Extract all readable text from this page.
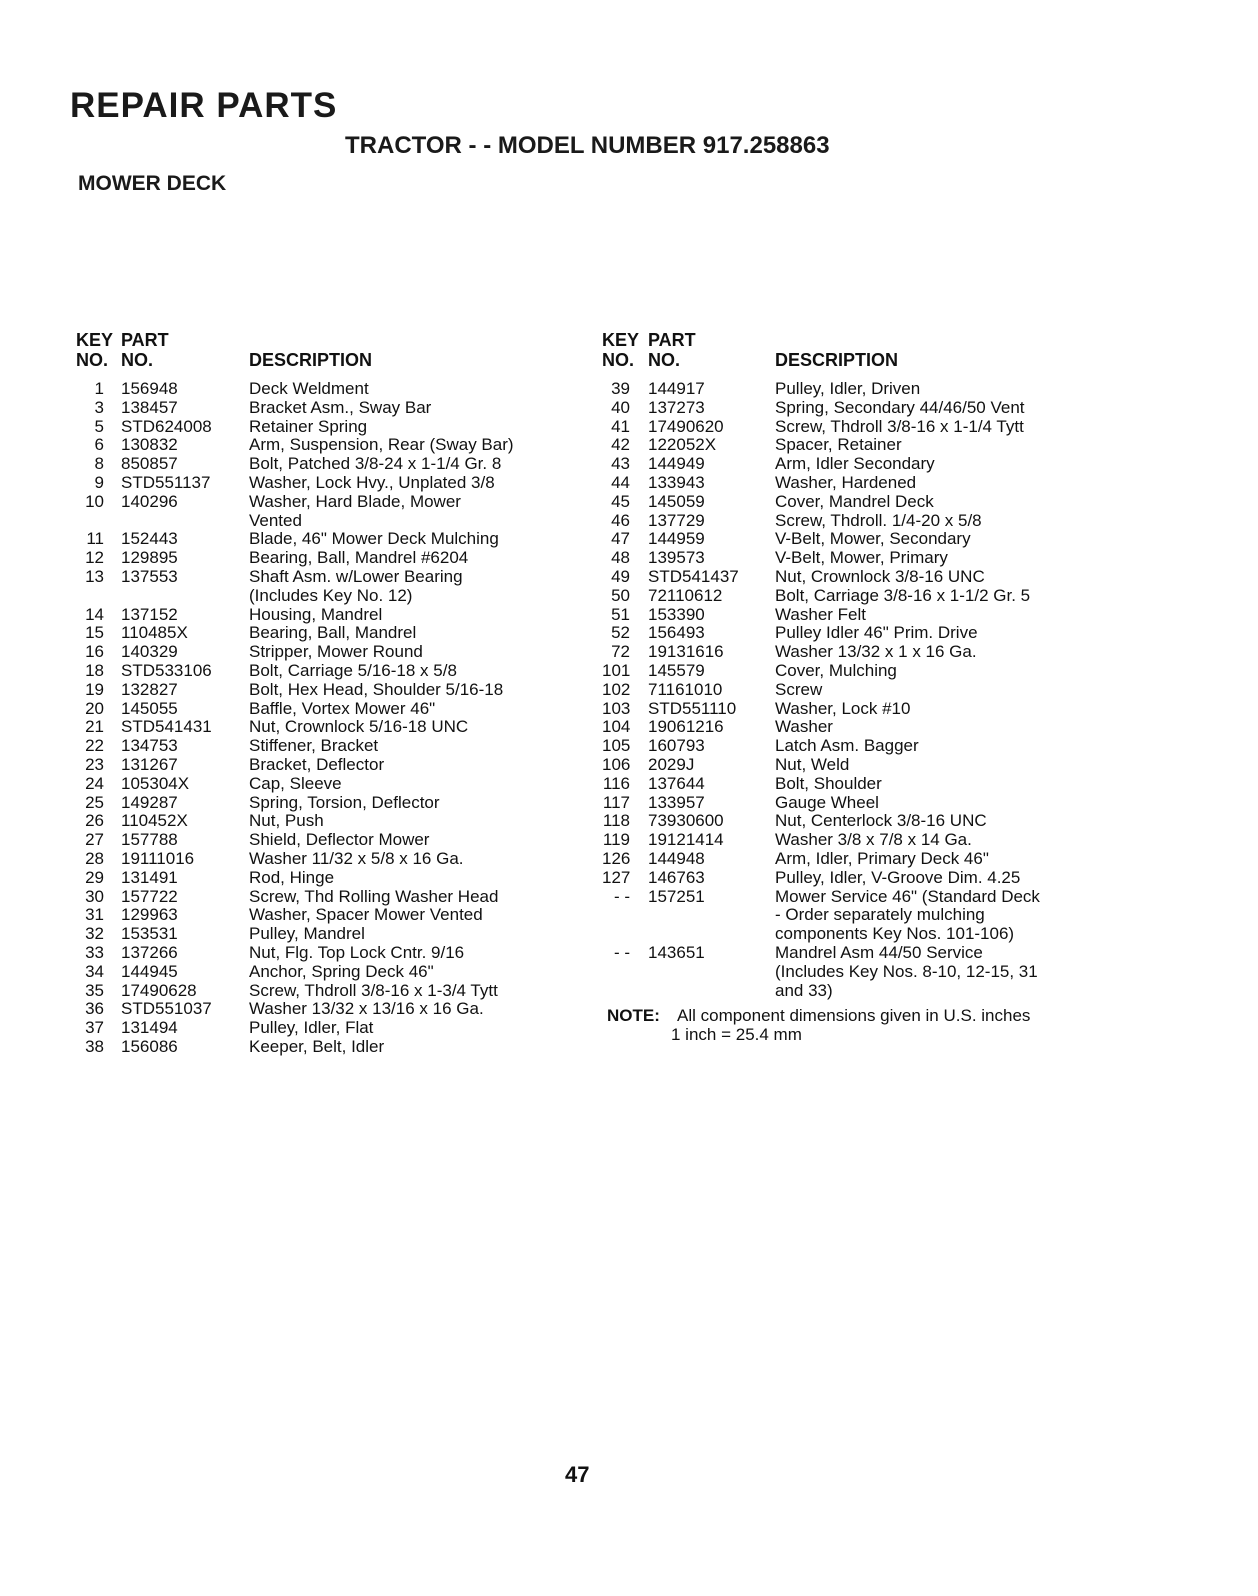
REPAIR PARTS
TRACTOR - - MODEL NUMBER 917.258863
MOWER DECK
KEY
NO.
PART
NO.	DESCRIPTION
1 156948	Deck Weldment
3 138457	Bracket Asm., Sway Bar
5 STD624008 Retainer Spring
6 130832	Arm, Suspension, Rear (Sway Bar)
8 850857	Bolt, Patched 3/8-24 x 1-1/4 Gr. 8
9 STD551137 Washer, Lock Hvy., Unplated 3/8
10 140296	Washer, Hard Blade, Mower
Vented
11 152443	Blade, 46" Mower Deck Mulching
12 129895	Bearing, Ball, Mandrel #6204
13 137553	Shaft Asm. w/Lower Bearing
(Includes Key No. 12)
14 137152	Housing, Mandrel
15 110485X	Bearing, Ball, Mandrel
16 140329	Stripper, Mower Round
18 STD533106 Bolt, Carriage 5/16-18 x 5/8
19 132827	Bolt, Hex Head, Shoulder 5/16-18
20 145055	Baffle, Vortex Mower 46"
21 STD541431 Nut, Crownlock 5/16-18 UNC
22 134753	Stiffener, Bracket
23 131267	Bracket, Deflector
24 105304X	Cap, Sleeve
25 149287	Spring, Torsion, Deflector
26 110452X	Nut, Push
27 157788	Shield, Deflector Mower
28 19111016	Washer 11/32 x 5/8 x 16 Ga.
29 131491	Rod, Hinge
30 157722	Screw, Thd Rolling Washer Head
31 129963	Washer, Spacer Mower Vented
32 153531	Pulley, Mandrel
33 137266	Nut, Flg. Top Lock Cntr. 9/16
34 144945	Anchor, Spring Deck 46"
35 17490628	Screw, Thdroll 3/8-16 x 1-3/4 Tytt
36 STD551037 Washer 13/32 x 13/16 x 16 Ga.
37 131494	Pulley, Idler, Flat
38 156086	Keeper, Belt, Idler
KEY
NO.
PART
NO.	DESCRIPTION
39 144917	Pulley, Idler, Driven
40 137273	Spring, Secondary 44/46/50 Vent
41 17490620	Screw, Thdroll 3/8-16 x 1-1/4 Tytt
42 122052X	Spacer, Retainer
43 144949	Arm, Idler Secondary
44 133943	Washer, Hardened
45 145059	Cover, Mandrel Deck
46 137729	Screw, Thdroll. 1/4-20 x 5/8
47 144959	V-Belt, Mower, Secondary
48 139573	V-Belt, Mower, Primary
49 STD541437 Nut, Crownlock 3/8-16 UNC
50 72110612	Bolt, Carriage 3/8-16 x 1-1/2 Gr. 5
51 153390	Washer Felt
52 156493	Pulley Idler 46" Prim. Drive
72 19131616	Washer 13/32 x 1 x 16 Ga.
101 145579	Cover, Mulching
102 71161010	Screw
103 STD551110 Washer, Lock #10
104 19061216	Washer
105 160793	Latch Asm. Bagger
106 2029J	Nut, Weld
116 137644	Bolt, Shoulder
117 133957	Gauge Wheel
118 73930600	Nut, Centerlock 3/8-16 UNC
119 19121414	Washer 3/8 x 7/8 x 14 Ga.
126 144948	Arm, Idler, Primary Deck 46"
127 146763	Pulley, Idler, V-Groove Dim. 4.25
- - 157251	Mower Service 46" (Standard Deck
- Order separately mulching
components Key Nos. 101-106)
- - 143651	Mandrel Asm 44/50 Service
(Includes Key Nos. 8-10, 12-15, 31
and 33)
NOTE: All component dimensions given in U.S. inches
1 inch = 25.4 mm
47
